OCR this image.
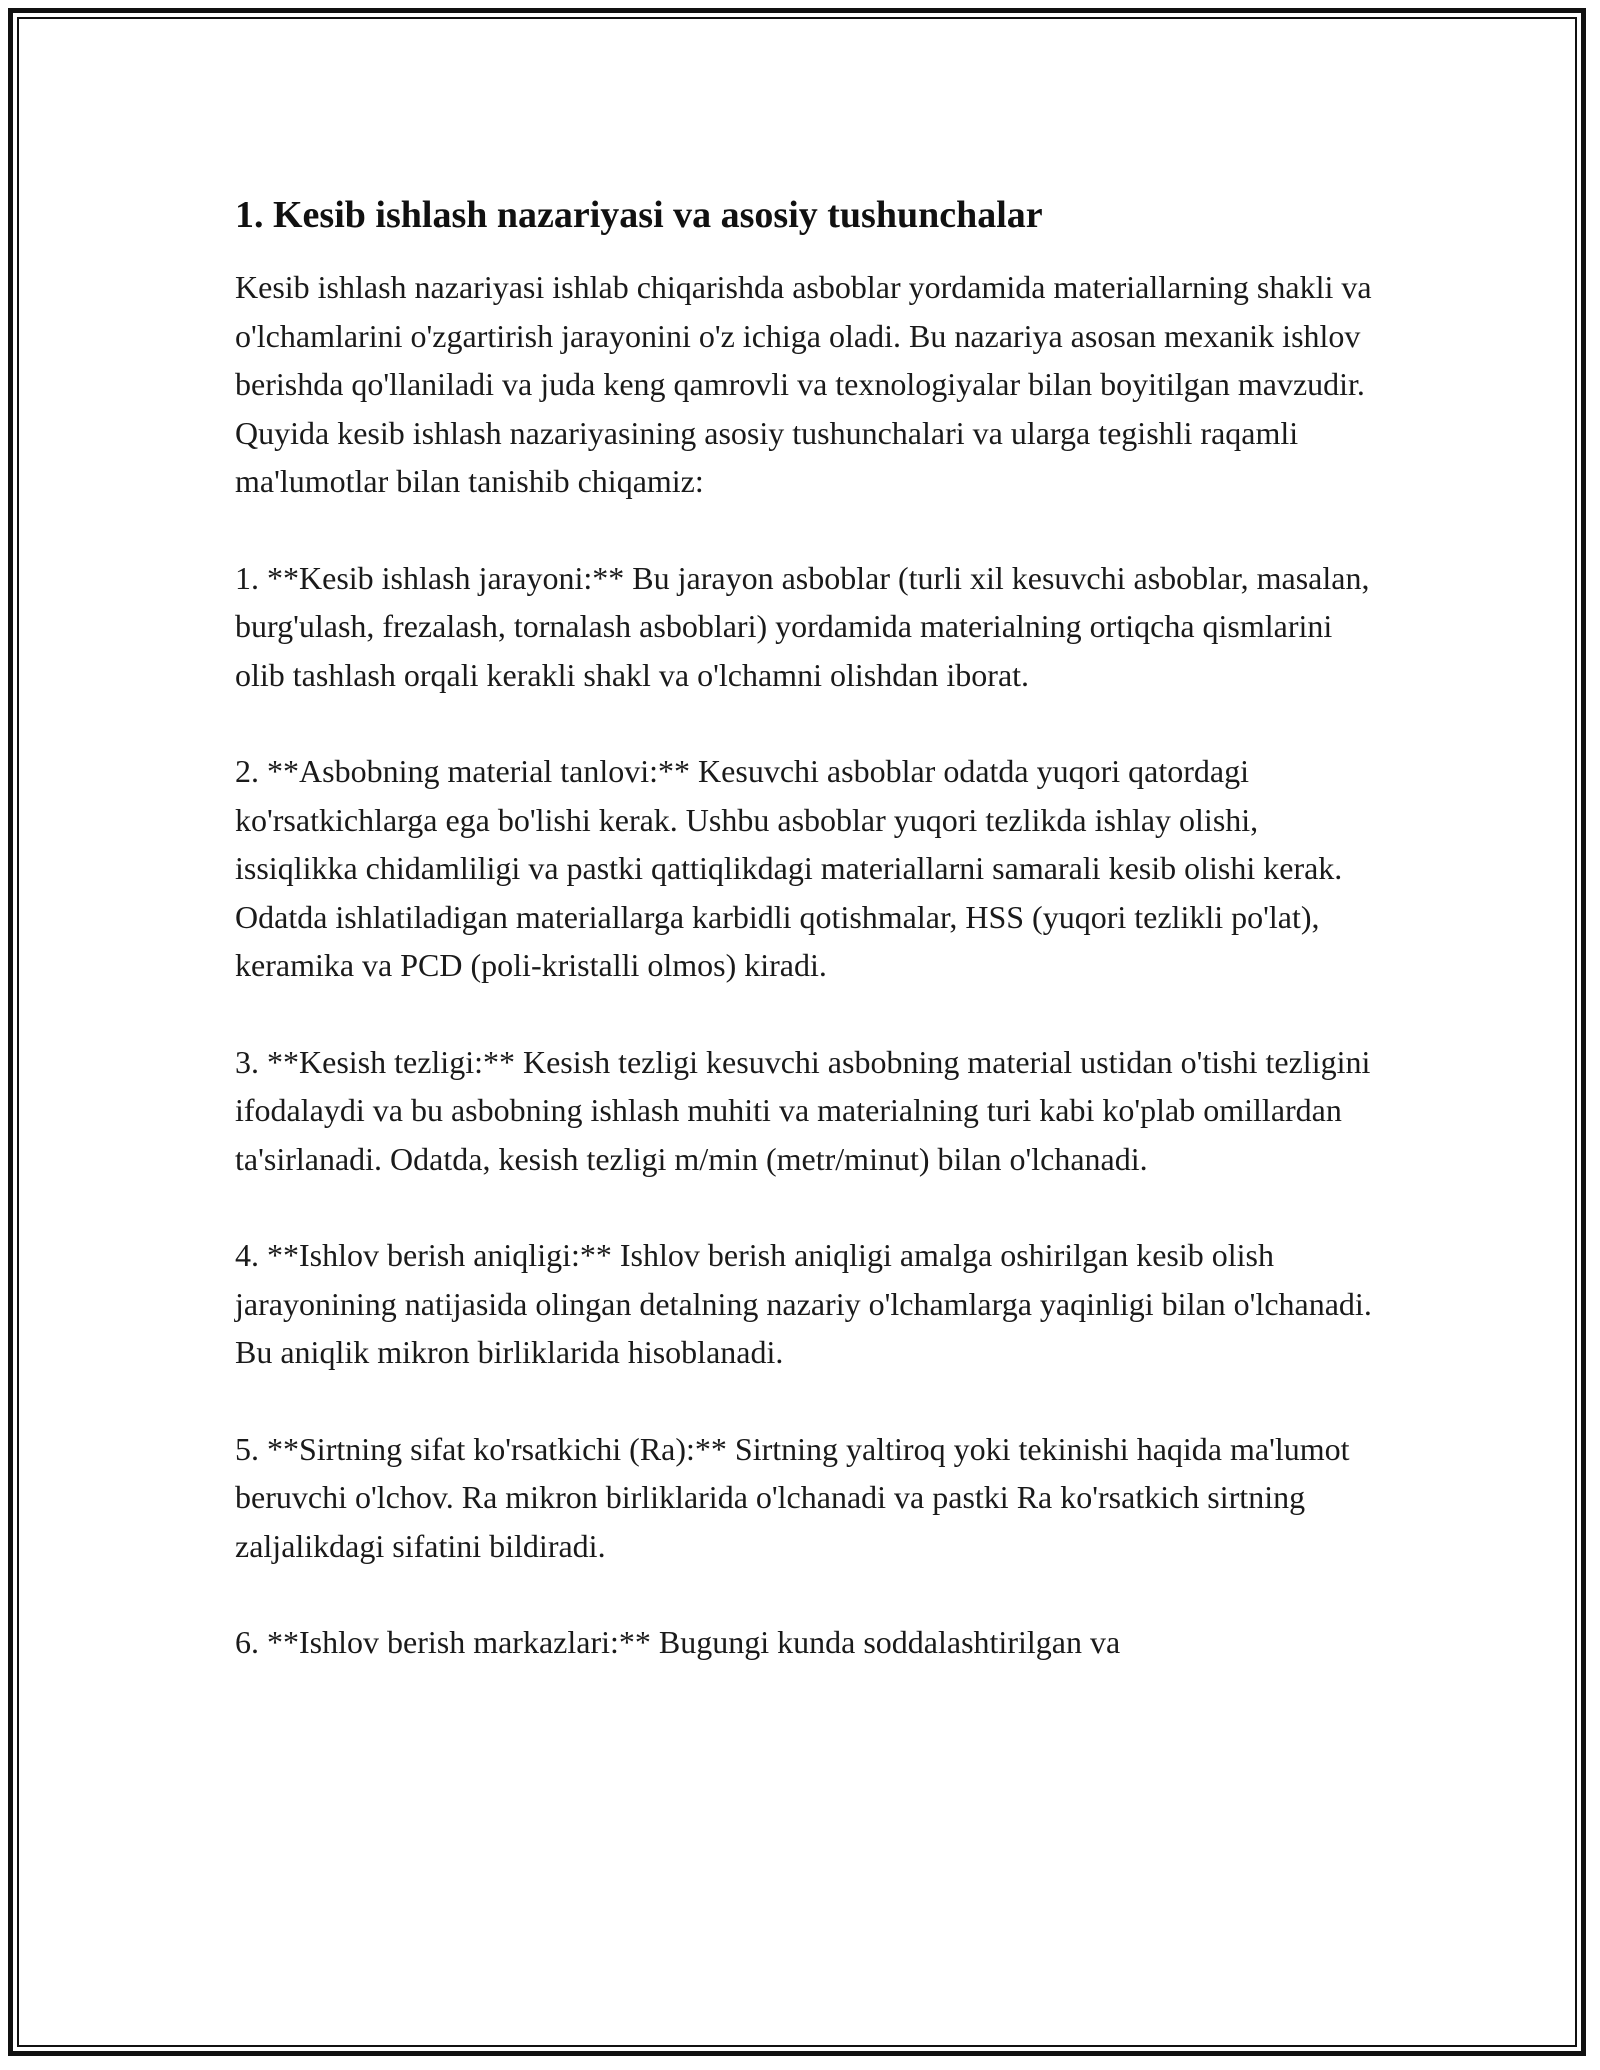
1. Kesib ishlash nazariyasi va asosiy tushunchalar

Kesib ishlash nazariyasi ishlab chiqarishda asboblar yordamida materiallarning shakli va o'lchamlarini o'zgartirish jarayonini o'z ichiga oladi. Bu nazariya asosan mexanik ishlov berishda qo'llaniladi va juda keng qamrovli va texnologiyalar bilan boyitilgan mavzudir. Quyida kesib ishlash nazariyasining asosiy tushunchalari va ularga tegishli raqamli ma'lumotlar bilan tanishib chiqamiz:

1. **Kesib ishlash jarayoni:** Bu jarayon asboblar (turli xil kesuvchi asboblar, masalan, burg'ulash, frezalash, tornalash asboblari) yordamida materialning ortiqcha qismlarini olib tashlash orqali kerakli shakl va o'lchamni olishdan iborat.

2. **Asbobning material tanlovi:** Kesuvchi asboblar odatda yuqori qatordagi ko'rsatkichlarga ega bo'lishi kerak. Ushbu asboblar yuqori tezlikda ishlay olishi, issiqlikka chidamliligi va pastki qattiqlikdagi materiallarni samarali kesib olishi kerak. Odatda ishlatiladigan materiallarga karbidli qotishmalar, HSS (yuqori tezlikli po'lat), keramika va PCD (poli-kristalli olmos) kiradi.

3. **Kesish tezligi:** Kesish tezligi kesuvchi asbobning material ustidan o'tishi tezligini ifodalaydi va bu asbobning ishlash muhiti va materialning turi kabi ko'plab omillardan ta'sirlanadi. Odatda, kesish tezligi m/min (metr/minut) bilan o'lchanadi.

4. **Ishlov berish aniqligi:** Ishlov berish aniqligi amalga oshirilgan kesib olish jarayonining natijasida olingan detalning nazariy o'lchamlarga yaqinligi bilan o'lchanadi. Bu aniqlik mikron birliklarida hisoblanadi.

5. **Sirtning sifat ko'rsatkichi (Ra):** Sirtning yaltiroq yoki tekinishi haqida ma'lumot beruvchi o'lchov. Ra mikron birliklarida o'lchanadi va pastki Ra ko'rsatkich sirtning zaljalikdagi sifatini bildiradi.

6. **Ishlov berish markazlari:** Bugungi kunda soddalashtirilgan va
